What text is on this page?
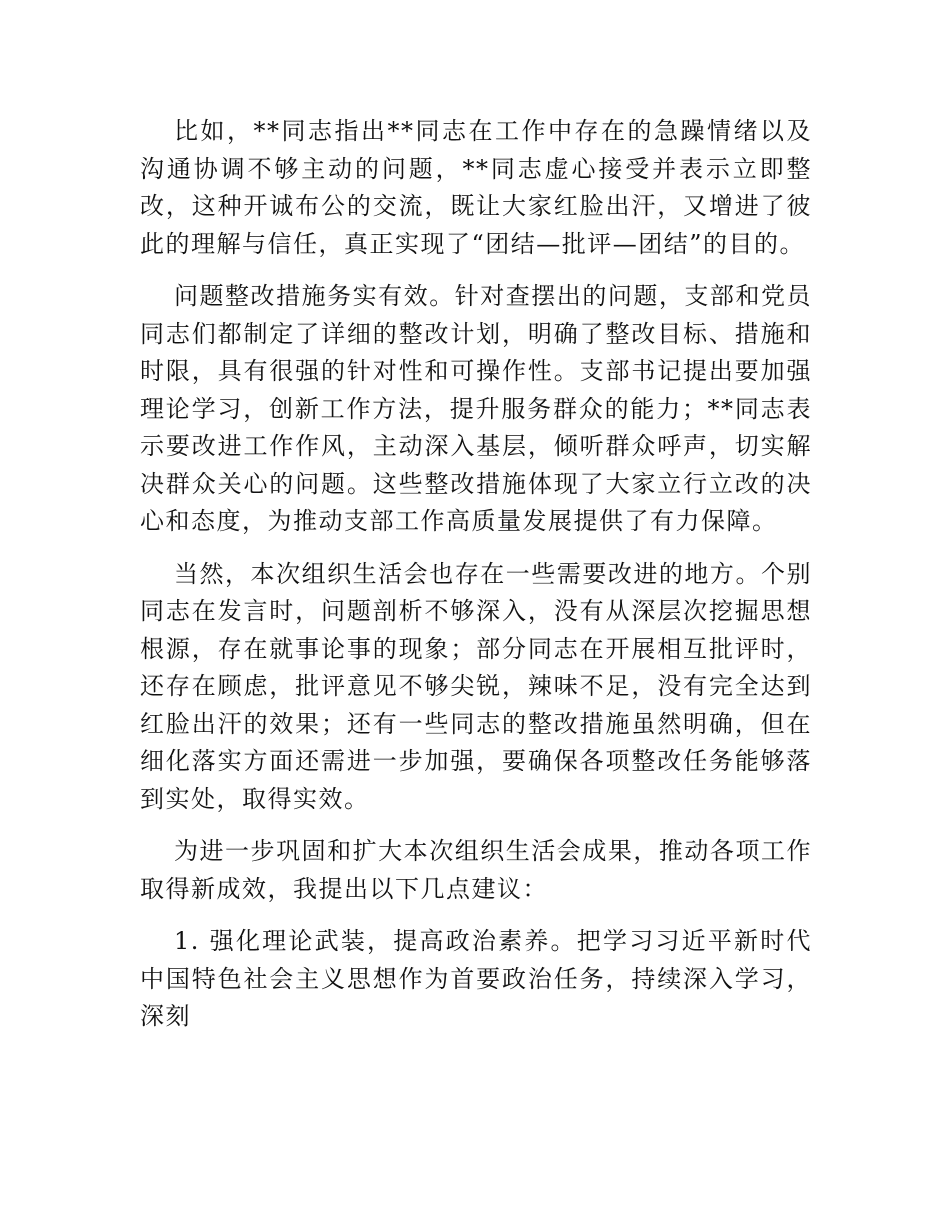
比如，**同志指出**同志在工作中存在的急躁情绪以及沟通协调不够主动的问题，**同志虚心接受并表示立即整改，这种开诚布公的交流，既让大家红脸出汗，又增进了彼此的理解与信任，真正实现了“团结—批评—团结”的目的。

问题整改措施务实有效。针对查摆出的问题，支部和党员同志们都制定了详细的整改计划，明确了整改目标、措施和时限，具有很强的针对性和可操作性。支部书记提出要加强理论学习，创新工作方法，提升服务群众的能力；**同志表示要改进工作作风，主动深入基层，倾听群众呼声，切实解决群众关心的问题。这些整改措施体现了大家立行立改的决心和态度，为推动支部工作高质量发展提供了有力保障。

当然，本次组织生活会也存在一些需要改进的地方。个别同志在发言时，问题剖析不够深入，没有从深层次挖掘思想根源，存在就事论事的现象；部分同志在开展相互批评时，还存在顾虑，批评意见不够尖锐，辣味不足，没有完全达到红脸出汗的效果；还有一些同志的整改措施虽然明确，但在细化落实方面还需进一步加强，要确保各项整改任务能够落到实处，取得实效。

为进一步巩固和扩大本次组织生活会成果，推动各项工作取得新成效，我提出以下几点建议：

1. 强化理论武装，提高政治素养。把学习习近平新时代中国特色社会主义思想作为首要政治任务，持续深入学习，深刻
